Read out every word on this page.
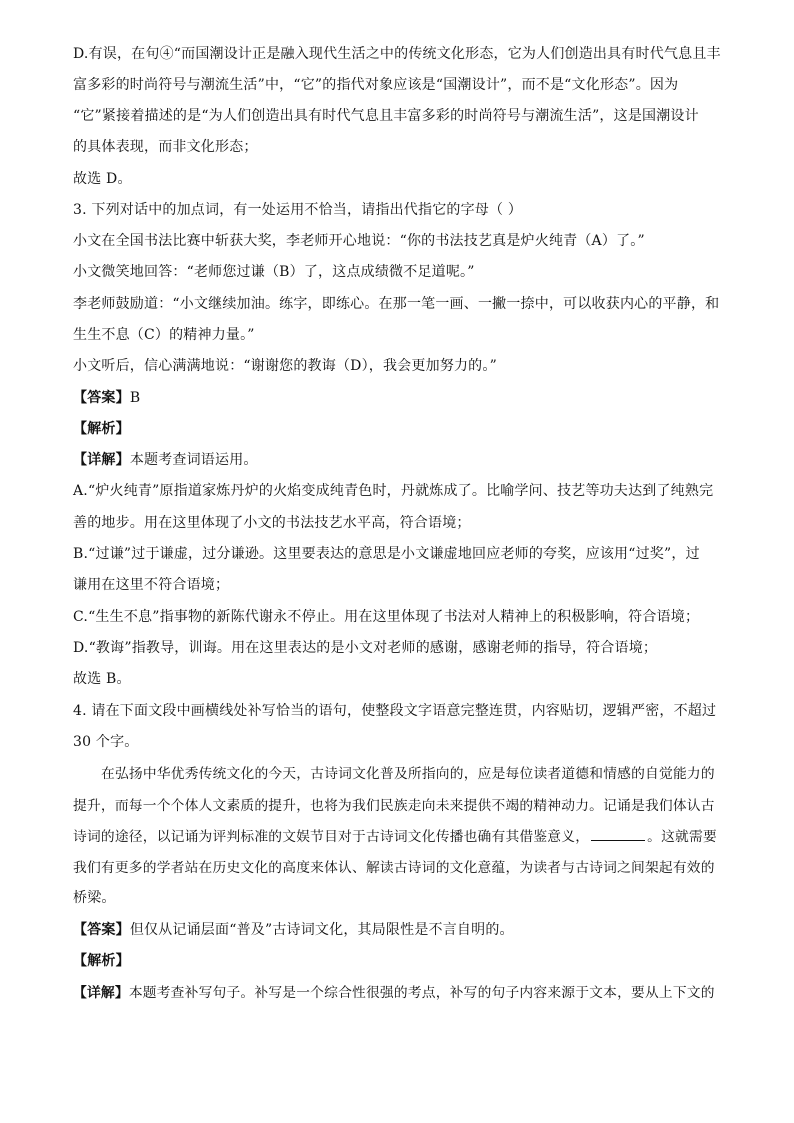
D.有误，在句④“而国潮设计正是融入现代生活之中的传统文化形态，它为人们创造出具有时代气息且丰
富多彩的时尚符号与潮流生活”中，“它”的指代对象应该是“国潮设计”，而不是“文化形态”。因为
“它”紧接着描述的是“为人们创造出具有时代气息且丰富多彩的时尚符号与潮流生活”，这是国潮设计
的具体表现，而非文化形态；
故选 D。
3. 下列对话中的加点词，有一处运用不恰当，请指出代指它的字母（ ）
小文在全国书法比赛中斩获大奖，李老师开心地说：“你的书法技艺真是炉火纯青（A）了。”
小文微笑地回答：“老师您过谦（B）了，这点成绩微不足道呢。”
李老师鼓励道：“小文继续加油。练字，即练心。在那一笔一画、一撇一捺中，可以收获内心的平静，和
生生不息（C）的精神力量。”
小文听后，信心满满地说：“谢谢您的教诲（D），我会更加努力的。”
【答案】B
【解析】
【详解】本题考查词语运用。
A.“炉火纯青”原指道家炼丹炉的火焰变成纯青色时，丹就炼成了。比喻学问、技艺等功夫达到了纯熟完
善的地步。用在这里体现了小文的书法技艺水平高，符合语境；
B.“过谦”过于谦虚，过分谦逊。这里要表达的意思是小文谦虚地回应老师的夸奖，应该用“过奖”，过
谦用在这里不符合语境；
C.“生生不息”指事物的新陈代谢永不停止。用在这里体现了书法对人精神上的积极影响，符合语境；
D.“教诲”指教导，训诲。用在这里表达的是小文对老师的感谢，感谢老师的指导，符合语境；
故选 B。
4. 请在下面文段中画横线处补写恰当的语句，使整段文字语意完整连贯，内容贴切，逻辑严密，不超过
30 个字。
在弘扬中华优秀传统文化的今天，古诗词文化普及所指向的，应是每位读者道德和情感的自觉能力的
提升，而每一个个体人文素质的提升，也将为我们民族走向未来提供不竭的精神动力。记诵是我们体认古
诗词的途径，以记诵为评判标准的文娱节目对于古诗词文化传播也确有其借鉴意义，	。这就需要
我们有更多的学者站在历史文化的高度来体认、解读古诗词的文化意蕴，为读者与古诗词之间架起有效的
桥梁。
【答案】但仅从记诵层面“普及”古诗词文化，其局限性是不言自明的。
【解析】
【详解】本题考查补写句子。补写是一个综合性很强的考点，补写的句子内容来源于文本，要从上下文的
